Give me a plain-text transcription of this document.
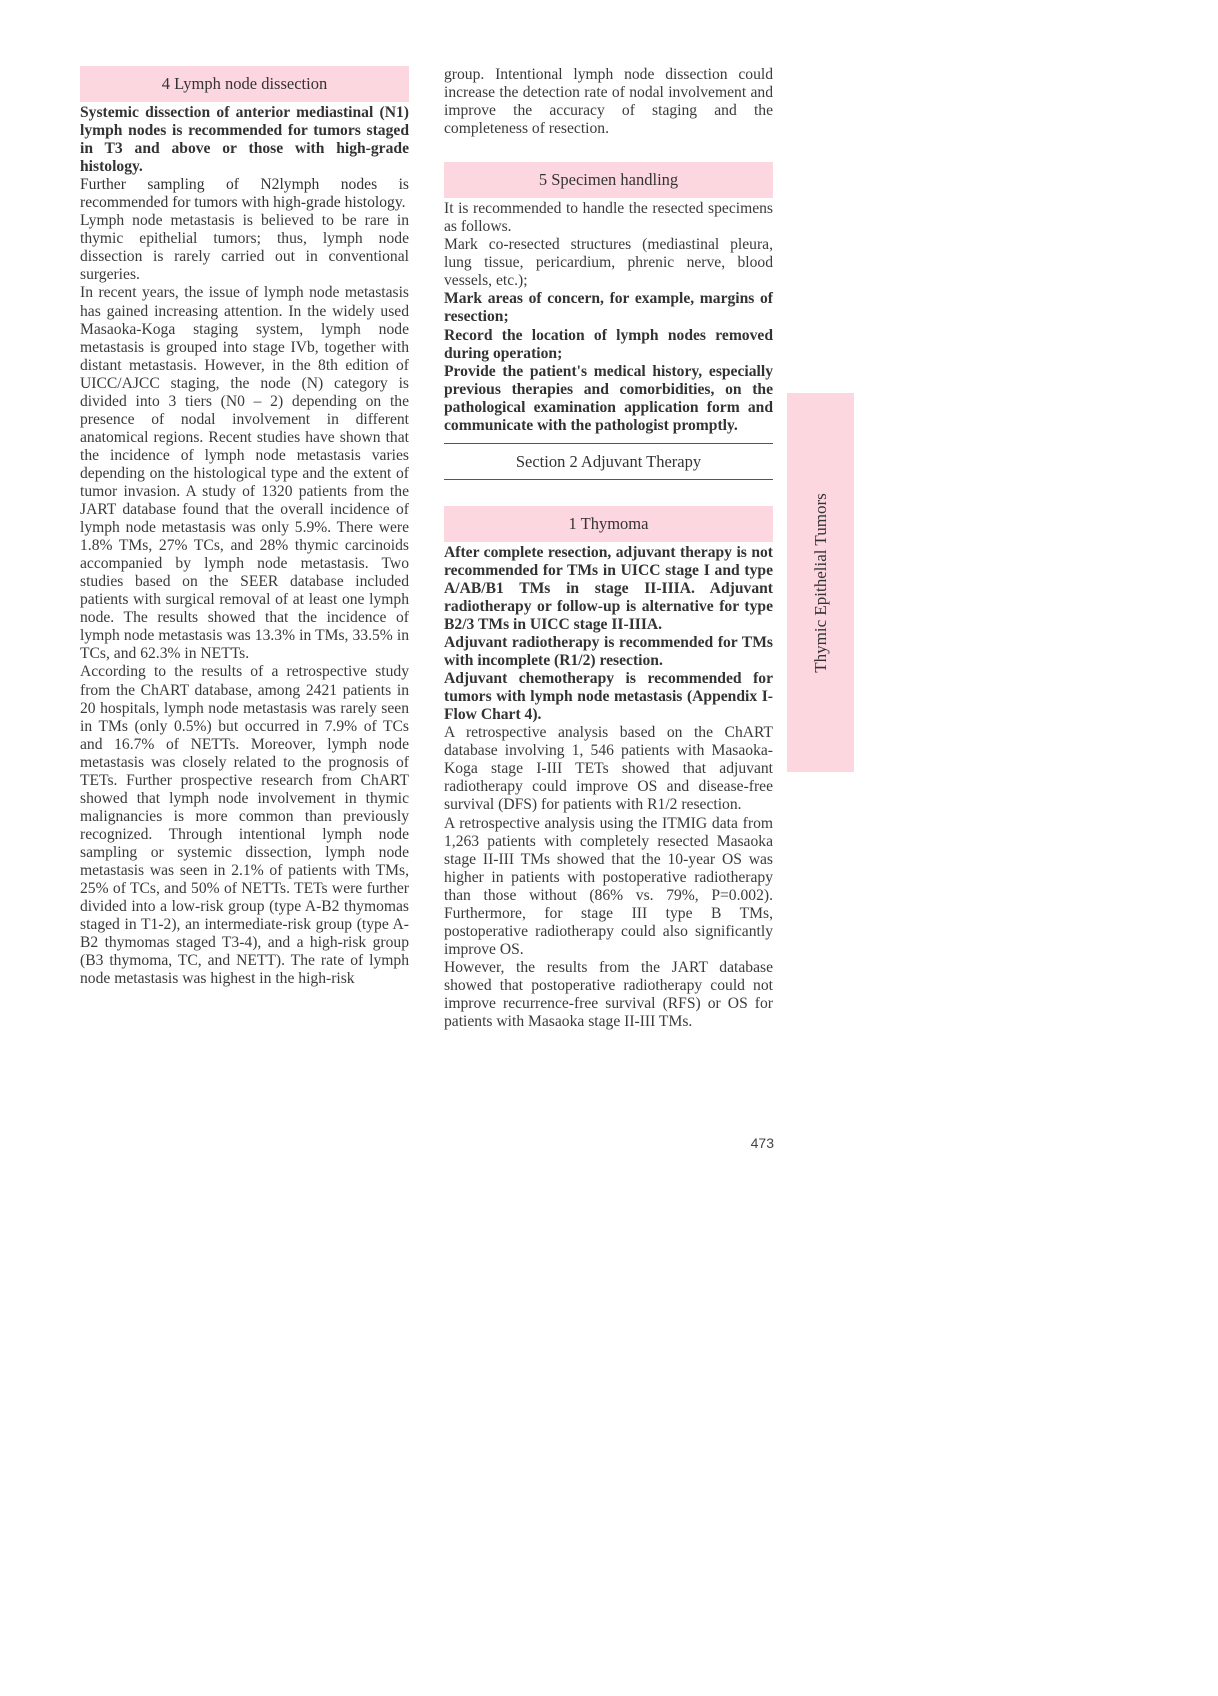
4 Lymph node dissection

Systemic dissection of anterior mediastinal (N1) lymph nodes is recommended for tumors staged in T3 and above or those with high-grade histology.

Further sampling of N2lymph nodes is recommended for tumors with high-grade histology.

Lymph node metastasis is believed to be rare in thymic epithelial tumors; thus, lymph node dissection is rarely carried out in conventional surgeries.

In recent years, the issue of lymph node metastasis has gained increasing attention. In the widely used Masaoka-Koga staging system, lymph node metastasis is grouped into stage IVb, together with distant metastasis. However, in the 8th edition of UICC/AJCC staging, the node (N) category is divided into 3 tiers (N0 – 2) depending on the presence of nodal involvement in different anatomical regions. Recent studies have shown that the incidence of lymph node metastasis varies depending on the histological type and the extent of tumor invasion. A study of 1320 patients from the JART database found that the overall incidence of lymph node metastasis was only 5.9%. There were 1.8% TMs, 27% TCs, and 28% thymic carcinoids accompanied by lymph node metastasis. Two studies based on the SEER database included patients with surgical removal of at least one lymph node. The results showed that the incidence of lymph node metastasis was 13.3% in TMs, 33.5% in TCs, and 62.3% in NETTs.

According to the results of a retrospective study from the ChART database, among 2421 patients in 20 hospitals, lymph node metastasis was rarely seen in TMs (only 0.5%) but occurred in 7.9% of TCs and 16.7% of NETTs. Moreover, lymph node metastasis was closely related to the prognosis of TETs. Further prospective research from ChART showed that lymph node involvement in thymic malignancies is more common than previously recognized. Through intentional lymph node sampling or systemic dissection, lymph node metastasis was seen in 2.1% of patients with TMs, 25% of TCs, and 50% of NETTs. TETs were further divided into a low-risk group (type A-B2 thymomas staged in T1-2), an intermediate-risk group (type A-B2 thymomas staged T3-4), and a high-risk group (B3 thymoma, TC, and NETT). The rate of lymph node metastasis was highest in the high-risk

group. Intentional lymph node dissection could increase the detection rate of nodal involvement and improve the accuracy of staging and the completeness of resection.

5 Specimen handling

It is recommended to handle the resected specimens as follows.

Mark co-resected structures (mediastinal pleura, lung tissue, pericardium, phrenic nerve, blood vessels, etc.);

Mark areas of concern, for example, margins of resection;

Record the location of lymph nodes removed during operation;

Provide the patient's medical history, especially previous therapies and comorbidities, on the pathological examination application form and communicate with the pathologist promptly.

Section 2 Adjuvant Therapy
1 Thymoma

After complete resection, adjuvant therapy is not recommended for TMs in UICC stage I and type A/AB/B1 TMs in stage II-IIIA. Adjuvant radiotherapy or follow-up is alternative for type B2/3 TMs in UICC stage II-IIIA.

Adjuvant radiotherapy is recommended for TMs with incomplete (R1/2) resection.

Adjuvant chemotherapy is recommended for tumors with lymph node metastasis (Appendix I-Flow Chart 4).

A retrospective analysis based on the ChART database involving 1, 546 patients with Masaoka-Koga stage I-III TETs showed that adjuvant radiotherapy could improve OS and disease-free survival (DFS) for patients with R1/2 resection.

A retrospective analysis using the ITMIG data from 1,263 patients with completely resected Masaoka stage II-III TMs showed that the 10-year OS was higher in patients with postoperative radiotherapy than those without (86% vs. 79%, P=0.002). Furthermore, for stage III type B TMs, postoperative radiotherapy could also significantly improve OS.

However, the results from the JART database showed that postoperative radiotherapy could not improve recurrence-free survival (RFS) or OS for patients with Masaoka stage II-III TMs.

Thymic Epithelial Tumors
473
